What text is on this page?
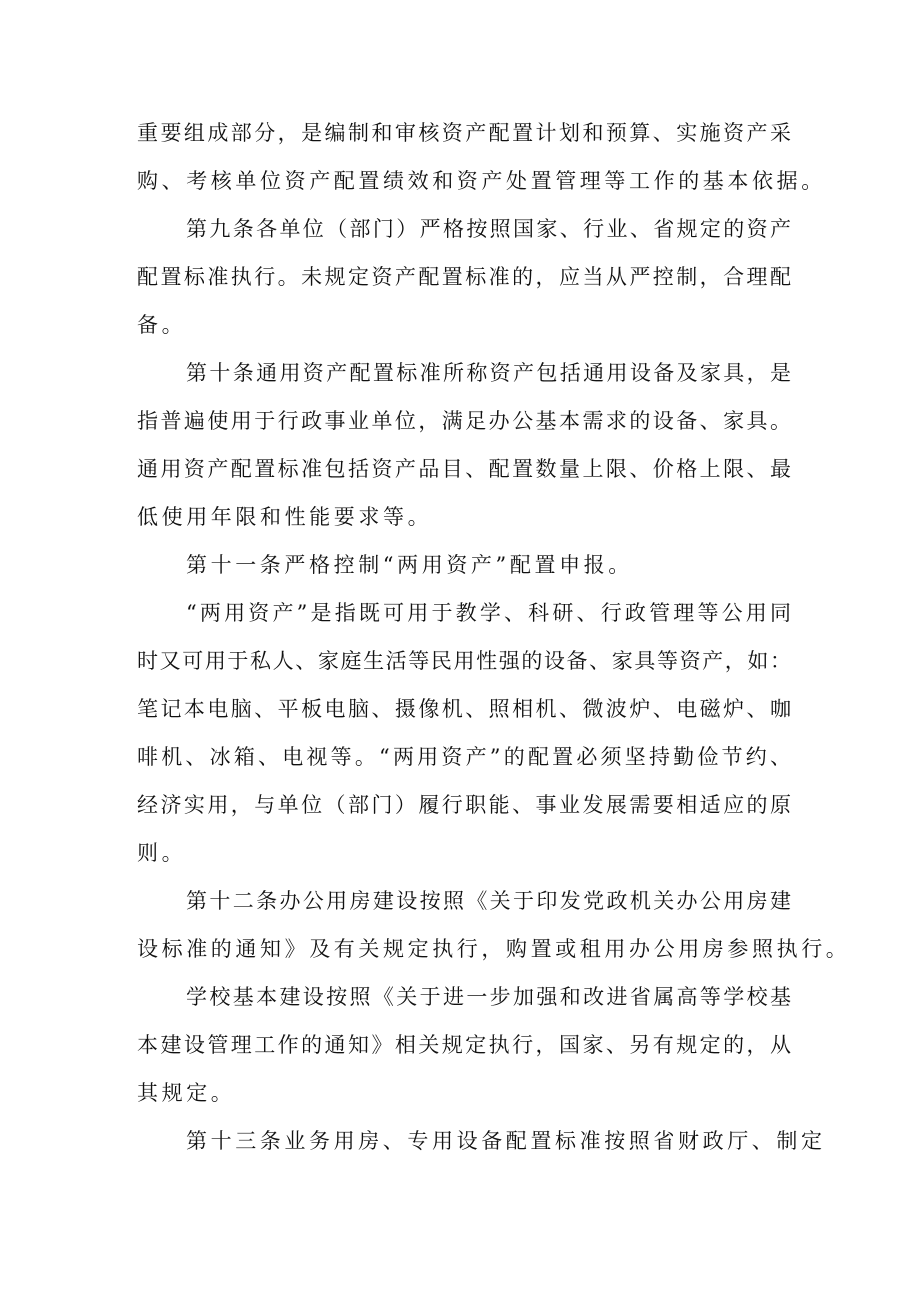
重要组成部分，是编制和审核资产配置计划和预算、实施资产采
购、考核单位资产配置绩效和资产处置管理等工作的基本依据。
第九条各单位（部门）严格按照国家、行业、省规定的资产
配置标准执行。未规定资产配置标准的，应当从严控制，合理配
备。
第十条通用资产配置标准所称资产包括通用设备及家具，是
指普遍使用于行政事业单位，满足办公基本需求的设备、家具。
通用资产配置标准包括资产品目、配置数量上限、价格上限、最
低使用年限和性能要求等。
第十一条严格控制“两用资产”配置申报。
“两用资产”是指既可用于教学、科研、行政管理等公用同
时又可用于私人、家庭生活等民用性强的设备、家具等资产，如：
笔记本电脑、平板电脑、摄像机、照相机、微波炉、电磁炉、咖
啡机、冰箱、电视等。“两用资产”的配置必须坚持勤俭节约、
经济实用，与单位（部门）履行职能、事业发展需要相适应的原
则。
第十二条办公用房建设按照《关于印发党政机关办公用房建
设标准的通知》及有关规定执行，购置或租用办公用房参照执行。
学校基本建设按照《关于进一步加强和改进省属高等学校基
本建设管理工作的通知》相关规定执行，国家、另有规定的，从
其规定。
第十三条业务用房、专用设备配置标准按照省财政厅、制定
